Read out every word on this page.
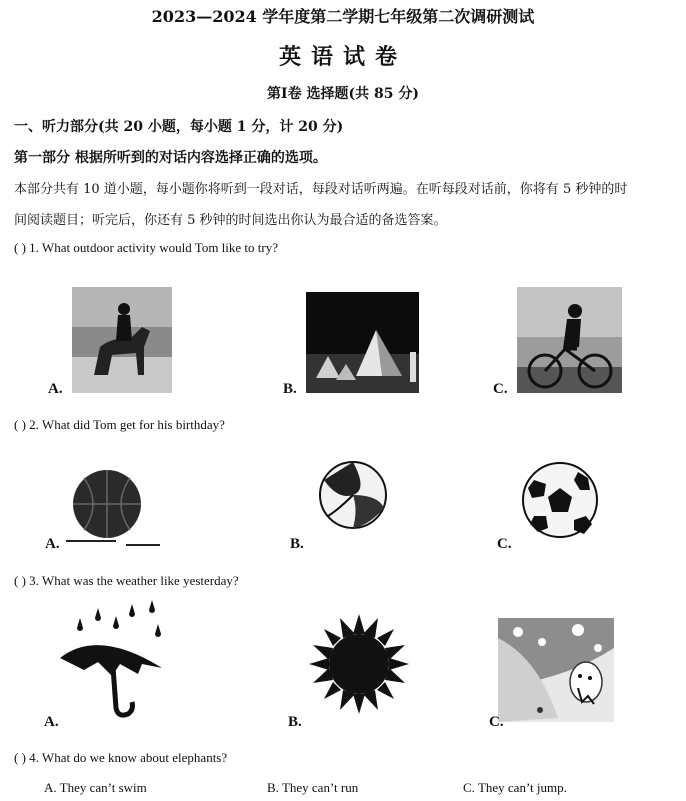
2023—2024 学年度第二学期七年级第二次调研测试
英语试卷
第Ⅰ卷 选择题(共 85 分)
一、听力部分(共 20 小题，每小题 1 分，计 20 分)
第一部分 根据所听到的对话内容选择正确的选项。
本部分共有 10 道小题，每小题你将听到一段对话，每段对话听两遍。在听每段对话前，你将有 5 秒钟的时
间阅读题目；听完后，你还有 5 秒钟的时间选出你认为最合适的备选答案。
( ) 1. What outdoor activity would Tom like to try?
A.	B.	C.
( ) 2. What did Tom get for his birthday?
A.	B.	C.
( ) 3. What was the weather like yesterday?
A.	B.	C.
( ) 4. What do we know about elephants?
A. They can’t swim	B. They can’t run	C. They can’t jump.
